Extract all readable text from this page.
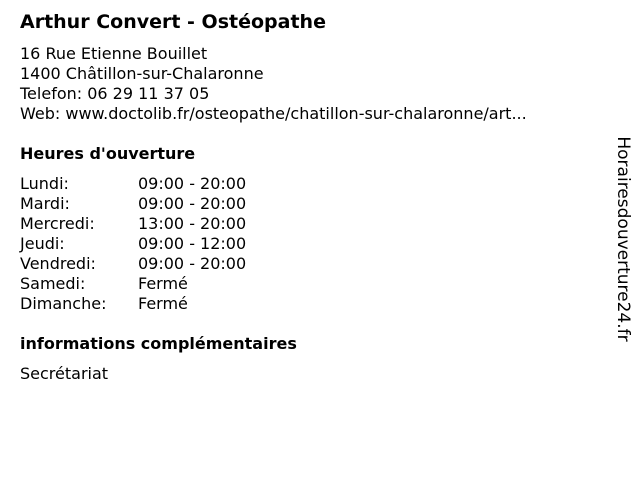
Arthur Convert - Ostéopathe
16 Rue Etienne Bouillet
1400 Châtillon-sur-Chalaronne
Telefon: 06 29 11 37 05
Web: www.doctolib.fr/osteopathe/chatillon-sur-chalaronne/art...
Heures d'ouverture
Lundi:	09:00 - 20:00
Mardi:	09:00 - 20:00
Mercredi:	13:00 - 20:00
Jeudi:	09:00 - 12:00
Vendredi:	09:00 - 20:00
Samedi:	Fermé
Dimanche:	Fermé
informations complémentaires
Secrétariat
Horairesdouverture24.fr
